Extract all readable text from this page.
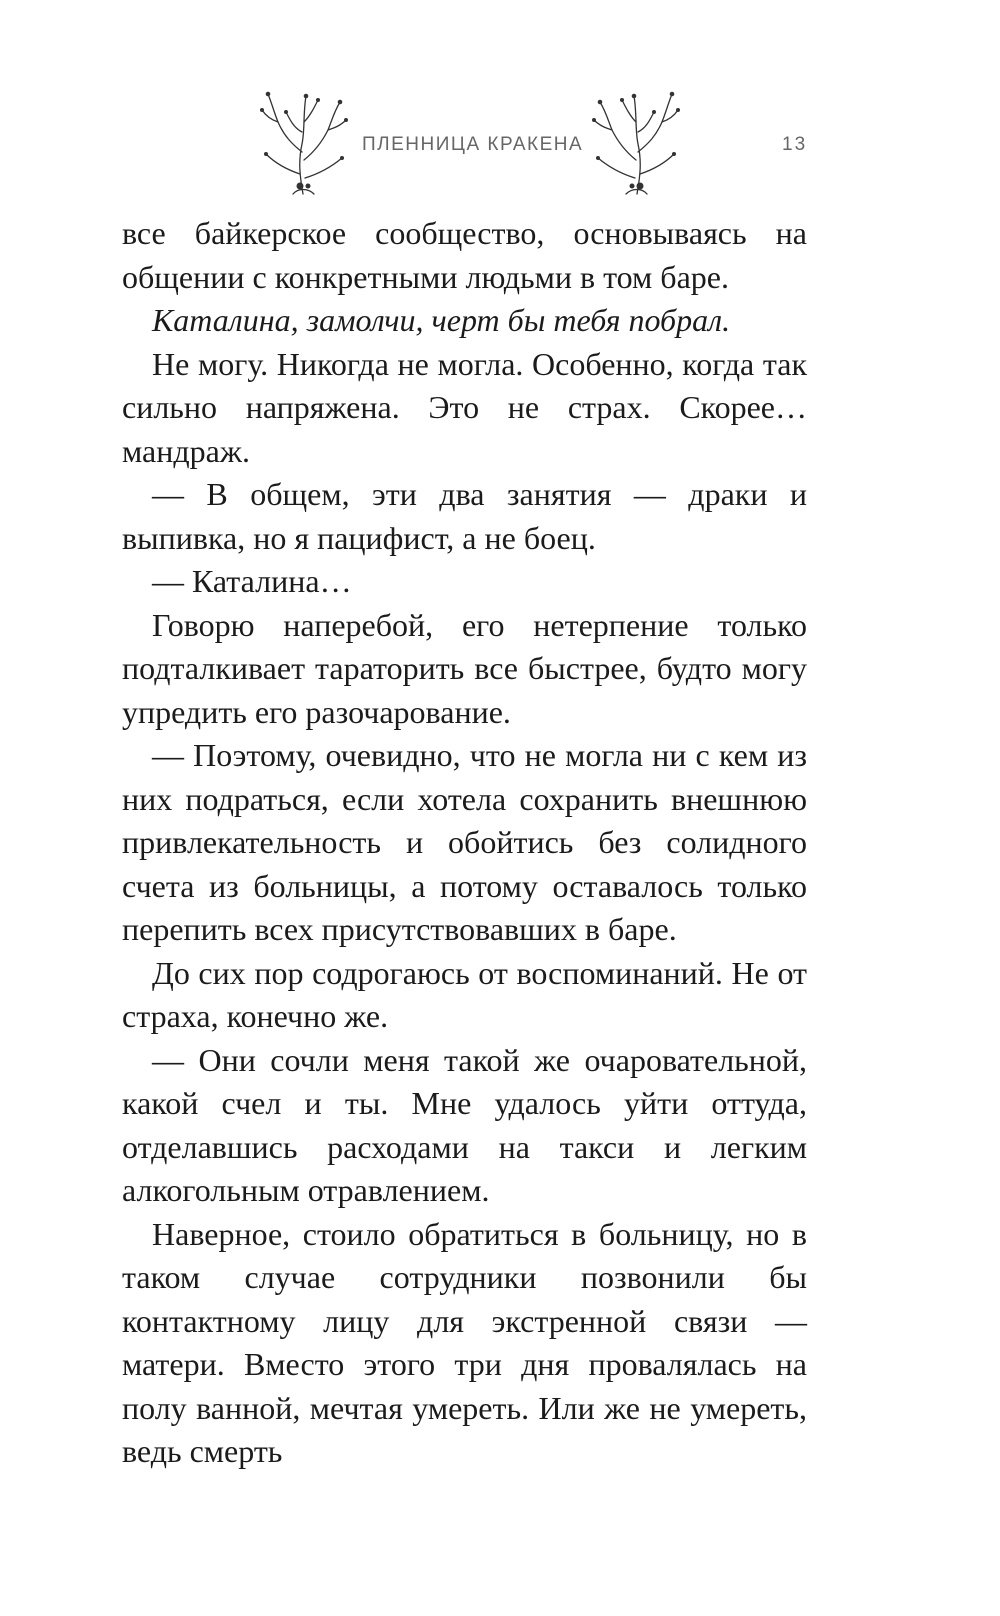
ПЛЕННИЦА КРАКЕНА	13

все байкерское сообщество, основываясь на общении с конкретными людьми в том баре.

Каталина, замолчи, черт бы тебя побрал.

Не могу. Никогда не могла. Особенно, когда так сильно напряжена. Это не страх. Скорее… мандраж.

— В общем, эти два занятия — драки и выпивка, но я пацифист, а не боец.

— Каталина…

Говорю наперебой, его нетерпение только подталкивает тараторить все быстрее, будто могу упредить его разочарование.

— Поэтому, очевидно, что не могла ни с кем из них подраться, если хотела сохранить внешнюю привлекательность и обойтись без солидного счета из больницы, а потому оставалось только перепить всех присутствовавших в баре.

До сих пор содрогаюсь от воспоминаний. Не от страха, конечно же.

— Они сочли меня такой же очаровательной, какой счел и ты. Мне удалось уйти оттуда, отделавшись расходами на такси и легким алкогольным отравлением.

Наверное, стоило обратиться в больницу, но в таком случае сотрудники позвонили бы контактному лицу для экстренной связи — матери. Вместо этого три дня провалялась на полу ванной, мечтая умереть. Или же не умереть, ведь смерть
